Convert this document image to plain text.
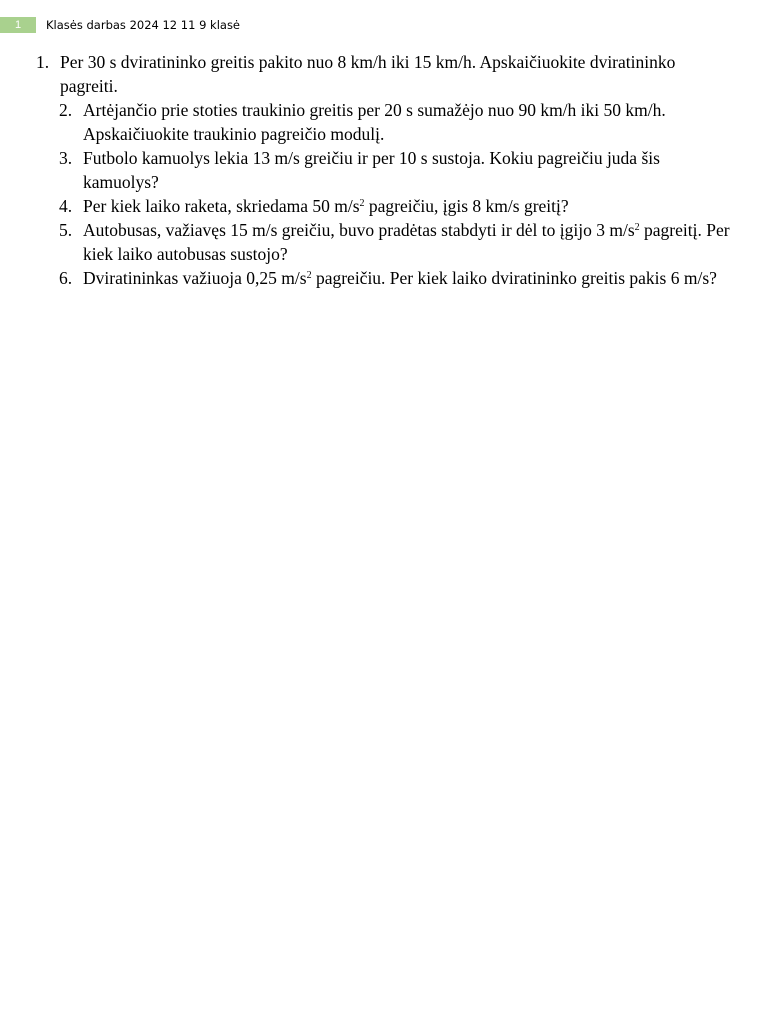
1	Klasės darbas 2024 12 11 9 klasė
1. Per 30 s dviratininko greitis pakito nuo 8 km/h iki 15 km/h. Apskaičiuokite dviratininko pagreiti.
2. Artėjančio prie stoties traukinio greitis per 20 s sumažėjo nuo 90 km/h iki 50 km/h. Apskaičiuokite traukinio pagreičio modulį.
3. Futbolo kamuolys lekia 13 m/s greičiu ir per 10 s sustoja. Kokiu pagreičiu juda šis kamuolys?
4. Per kiek laiko raketa, skriedama 50 $m/s^2$ pagreičiu, įgis 8 km/s greitį?
5. Autobusas, važiavęs 15 m/s greičiu, buvo pradėtas stabdyti ir dėl to įgijo 3 $m/s^2$ pagreitį. Per kiek laiko autobusas sustojo?
6. Dviratininkas važiuoja 0,25 $m/s^2$ pagreičiu. Per kiek laiko dviratininko greitis pakis 6 m/s?
